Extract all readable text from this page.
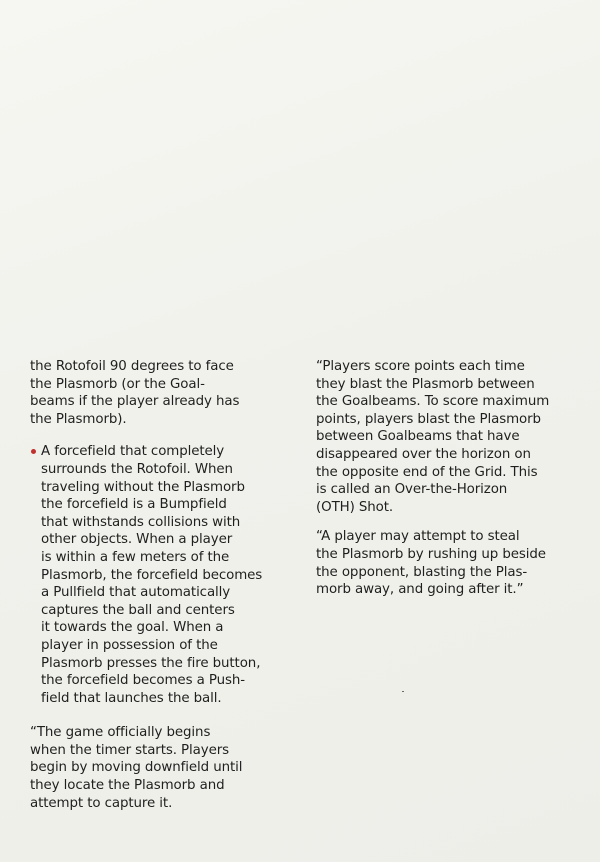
the Rotofoil 90 degrees to face
the Plasmorb (or the Goal-
beams if the player already has
the Plasmorb).

A forcefield that completely
surrounds the Rotofoil. When
traveling without the Plasmorb
the forcefield is a Bumpfield
that withstands collisions with
other objects. When a player
is within a few meters of the
Plasmorb, the forcefield becomes
a Pullfield that automatically
captures the ball and centers
it towards the goal. When a
player in possession of the
Plasmorb presses the fire button,
the forcefield becomes a Push-
field that launches the ball.

“The game officially begins
when the timer starts. Players
begin by moving downfield until
they locate the Plasmorb and
attempt to capture it.

“Players score points each time
they blast the Plasmorb between
the Goalbeams. To score maximum
points, players blast the Plasmorb
between Goalbeams that have
disappeared over the horizon on
the opposite end of the Grid. This
is called an Over-the-Horizon
(OTH) Shot.

“A player may attempt to steal
the Plasmorb by rushing up beside
the opponent, blasting the Plas-
morb away, and going after it.”
